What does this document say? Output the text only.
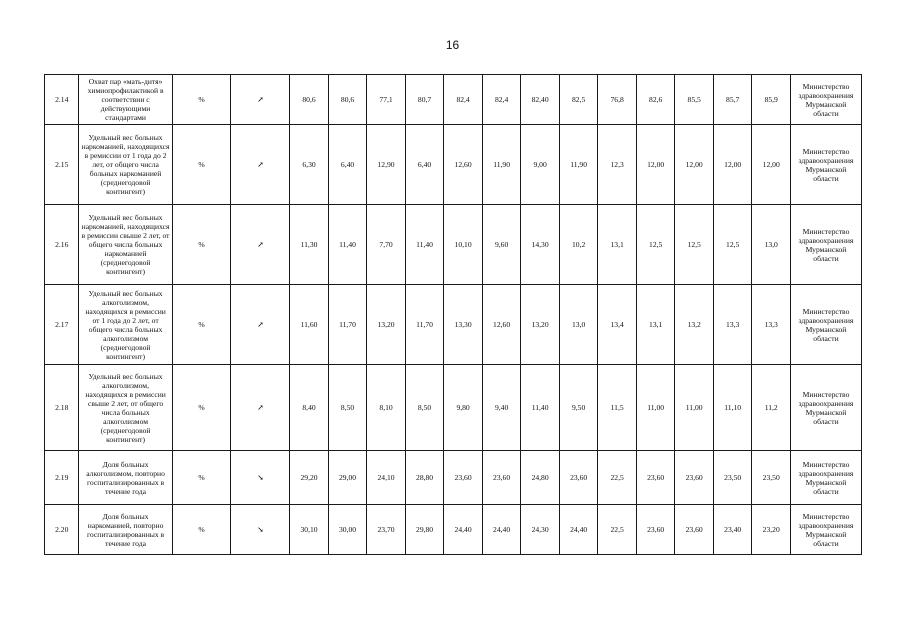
16
2.14	Охват пар «мать-дитя» химиопрофилактикой в соответствии с действующими стандартами	%	↗	80,6	80,6	77,1	80,7	82,4	82,4	82,40	82,5	76,8	82,6	85,5	85,7	85,9	Министерство здравоохранения Мурманской области
2.15	Удельный вес больных наркоманией, находящихся в ремиссии от 1 года до 2 лет, от общего числа больных наркоманией (среднегодовой контингент)	%	↗	6,30	6,40	12,90	6,40	12,60	11,90	9,00	11,90	12,3	12,00	12,00	12,00	12,00	Министерство здравоохранения Мурманской области
2.16	Удельный вес больных наркоманией, находящихся в ремиссии свыше 2 лет, от общего числа больных наркоманией (среднегодовой контингент)	%	↗	11,30	11,40	7,70	11,40	10,10	9,60	14,30	10,2	13,1	12,5	12,5	12,5	13,0	Министерство здравоохранения Мурманской области
2.17	Удельный вес больных алкоголизмом, находящихся в ремиссии от 1 года до 2 лет, от общего числа больных алкоголизмом (среднегодовой контингент)	%	↗	11,60	11,70	13,20	11,70	13,30	12,60	13,20	13,0	13,4	13,1	13,2	13,3	13,3	Министерство здравоохранения Мурманской области
2.18	Удельный вес больных алкоголизмом, находящихся в ремиссии свыше 2 лет, от общего числа больных алкоголизмом (среднегодовой контингент)	%	↗	8,40	8,50	8,10	8,50	9,80	9,40	11,40	9,50	11,5	11,00	11,00	11,10	11,2	Министерство здравоохранения Мурманской области
2.19	Доля больных алкоголизмом, повторно госпитализированных в течение года	%	↘	29,20	29,00	24,10	28,80	23,60	23,60	24,80	23,60	22,5	23,60	23,60	23,50	23,50	Министерство здравоохранения Мурманской области
2.20	Доля больных наркоманией, повторно госпитализированных в течение года	%	↘	30,10	30,00	23,70	29,80	24,40	24,40	24,30	24,40	22,5	23,60	23,60	23,40	23,20	Министерство здравоохранения Мурманской области
